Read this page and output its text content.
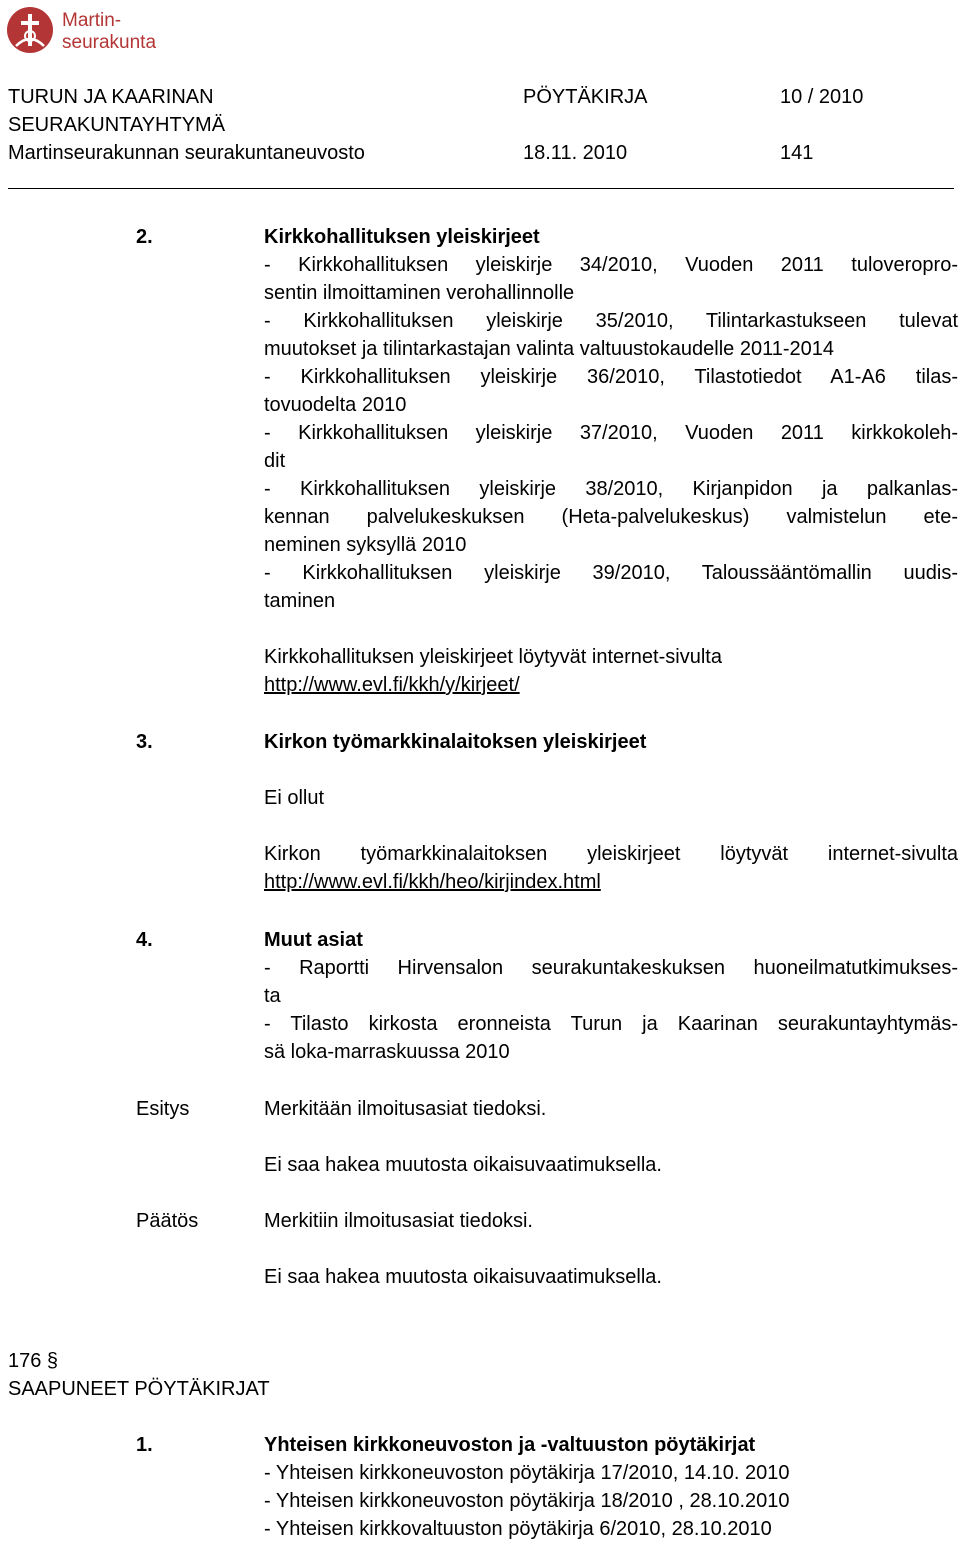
Martin-
seurakunta
TURUN JA KAARINAN
SEURAKUNTAYHTYMÄ
PÖYTÄKIRJA	10 / 2010
Martinseurakunnan seurakuntaneuvosto	18.11. 2010	141
2.	Kirkkohallituksen yleiskirjeet
- Kirkkohallituksen yleiskirje 34/2010, Vuoden 2011 tuloveropro-
sentin ilmoittaminen verohallinnolle
- Kirkkohallituksen yleiskirje 35/2010, Tilintarkastukseen tulevat
muutokset ja tilintarkastajan valinta valtuustokaudelle 2011-2014
- Kirkkohallituksen yleiskirje 36/2010, Tilastotiedot A1-A6 tilas-
tovuodelta 2010
- Kirkkohallituksen yleiskirje 37/2010, Vuoden 2011 kirkkokoleh-
dit
- Kirkkohallituksen yleiskirje 38/2010, Kirjanpidon ja palkanlas-
kennan palvelukeskuksen (Heta-palvelukeskus) valmistelun ete-
neminen syksyllä 2010
- Kirkkohallituksen yleiskirje 39/2010, Taloussääntömallin uudis-
taminen
Kirkkohallituksen yleiskirjeet löytyvät internet-sivulta
http://www.evl.fi/kkh/y/kirjeet/
3.	Kirkon työmarkkinalaitoksen yleiskirjeet
Ei ollut
Kirkon työmarkkinalaitoksen yleiskirjeet löytyvät internet-sivulta
http://www.evl.fi/kkh/heo/kirjindex.html
4.	Muut asiat
- Raportti Hirvensalon seurakuntakeskuksen huoneilmatutkimukses-
ta
- Tilasto kirkosta eronneista Turun ja Kaarinan seurakuntayhtymäs-
sä loka-marraskuussa 2010
Esitys	Merkitään ilmoitusasiat tiedoksi.
Ei saa hakea muutosta oikaisuvaatimuksella.
Päätös	Merkitiin ilmoitusasiat tiedoksi.
Ei saa hakea muutosta oikaisuvaatimuksella.
176 §
SAAPUNEET PÖYTÄKIRJAT
1.	Yhteisen kirkkoneuvoston ja -valtuuston pöytäkirjat
- Yhteisen kirkkoneuvoston pöytäkirja 17/2010, 14.10. 2010
- Yhteisen kirkkoneuvoston pöytäkirja 18/2010 , 28.10.2010
- Yhteisen kirkkovaltuuston pöytäkirja 6/2010, 28.10.2010
